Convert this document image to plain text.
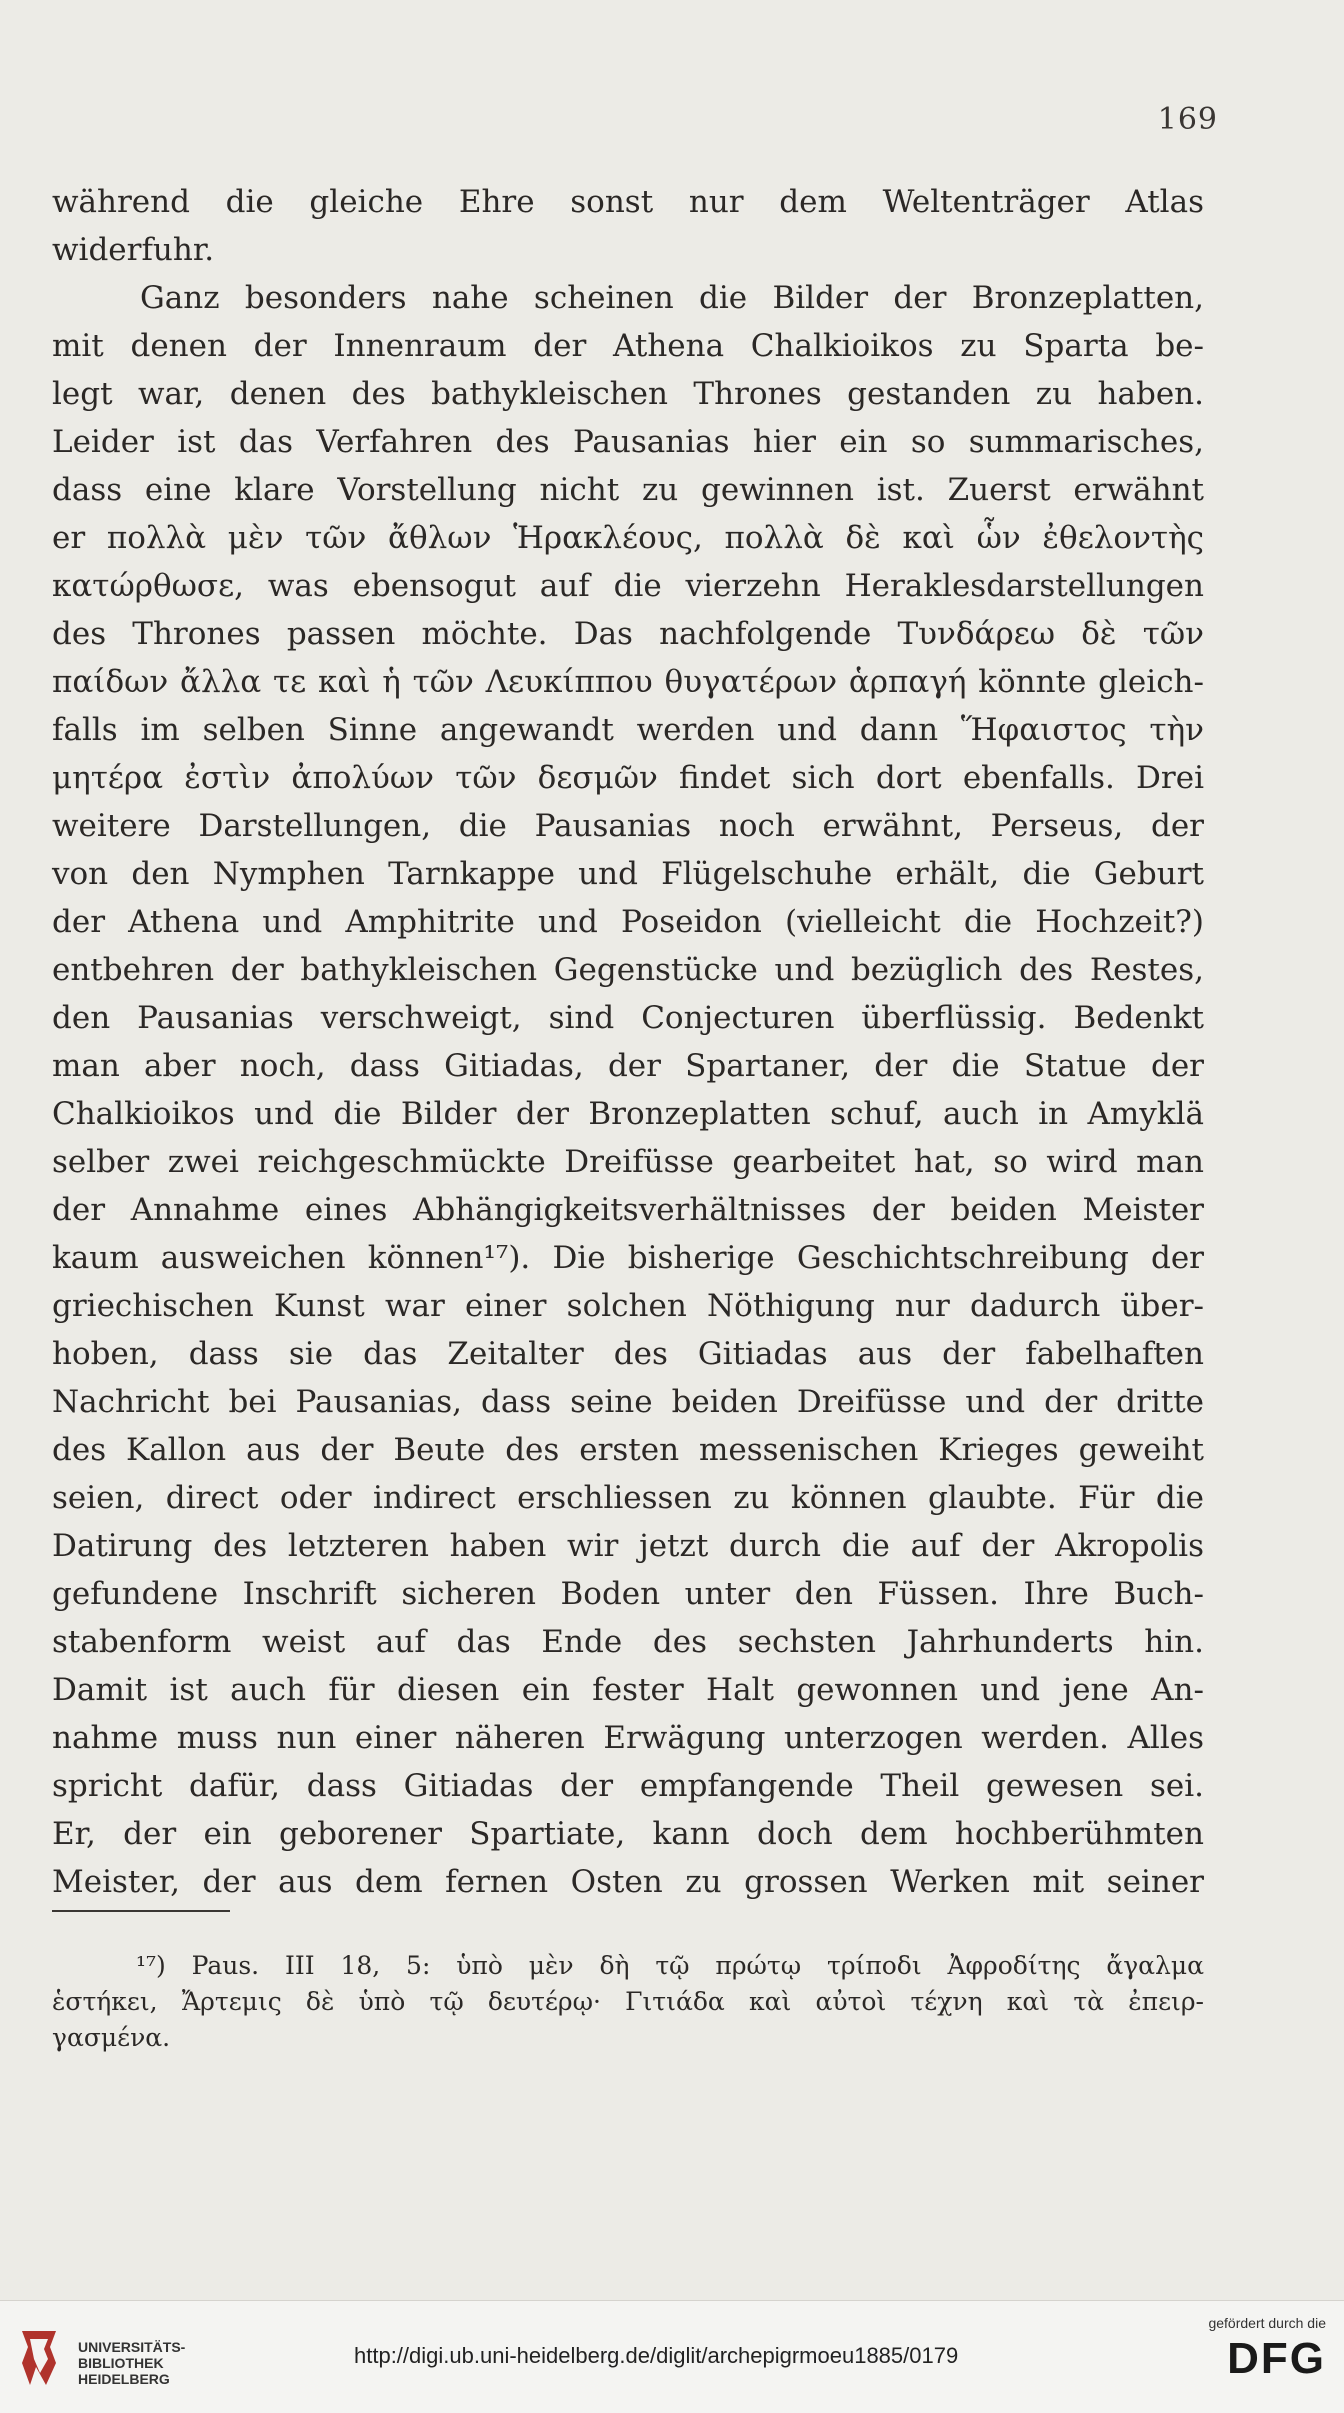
169
während die gleiche Ehre sonst nur dem Weltenträger Atlas
widerfuhr.
Ganz besonders nahe scheinen die Bilder der Bronzeplatten,
mit denen der Innenraum der Athena Chalkioikos zu Sparta be-
legt war, denen des bathykleischen Thrones gestanden zu haben.
Leider ist das Verfahren des Pausanias hier ein so summarisches,
dass eine klare Vorstellung nicht zu gewinnen ist. Zuerst erwähnt
er πολλὰ μὲν τῶν ἄθλων Ἡρακλέους, πολλὰ δὲ καὶ ὧν ἐθελοντὴς
κατώρθωσε, was ebensogut auf die vierzehn Heraklesdarstellungen
des Thrones passen möchte. Das nachfolgende Τυνδάρεω δὲ τῶν
παίδων ἄλλα τε καὶ ἡ τῶν Λευκίππου θυγατέρων ἁρπαγή könnte gleich-
falls im selben Sinne angewandt werden und dann Ἥφαιστος τὴν
μητέρα ἐστὶν ἀπολύων τῶν δεσμῶν findet sich dort ebenfalls. Drei
weitere Darstellungen, die Pausanias noch erwähnt, Perseus, der
von den Nymphen Tarnkappe und Flügelschuhe erhält, die Geburt
der Athena und Amphitrite und Poseidon (vielleicht die Hochzeit?)
entbehren der bathykleischen Gegenstücke und bezüglich des Restes,
den Pausanias verschweigt, sind Conjecturen überflüssig. Bedenkt
man aber noch, dass Gitiadas, der Spartaner, der die Statue der
Chalkioikos und die Bilder der Bronzeplatten schuf, auch in Amyklä
selber zwei reichgeschmückte Dreifüsse gearbeitet hat, so wird man
der Annahme eines Abhängigkeitsverhältnisses der beiden Meister
kaum ausweichen können¹⁷). Die bisherige Geschichtschreibung der
griechischen Kunst war einer solchen Nöthigung nur dadurch über-
hoben, dass sie das Zeitalter des Gitiadas aus der fabelhaften
Nachricht bei Pausanias, dass seine beiden Dreifüsse und der dritte
des Kallon aus der Beute des ersten messenischen Krieges geweiht
seien, direct oder indirect erschliessen zu können glaubte. Für die
Datirung des letzteren haben wir jetzt durch die auf der Akropolis
gefundene Inschrift sicheren Boden unter den Füssen. Ihre Buch-
stabenform weist auf das Ende des sechsten Jahrhunderts hin.
Damit ist auch für diesen ein fester Halt gewonnen und jene An-
nahme muss nun einer näheren Erwägung unterzogen werden. Alles
spricht dafür, dass Gitiadas der empfangende Theil gewesen sei.
Er, der ein geborener Spartiate, kann doch dem hochberühmten
Meister, der aus dem fernen Osten zu grossen Werken mit seiner
¹⁷) Paus. III 18, 5: ὑπὸ μὲν δὴ τῷ πρώτῳ τρίποδι Ἀφροδίτης ἄγαλμα
ἑστήκει, Ἄρτεμις δὲ ὑπὸ τῷ δευτέρῳ· Γιτιάδα καὶ αὐτοὶ τέχνη καὶ τὰ ἐπειρ-
γασμένα.
UNIVERSITÄTS-
BIBLIOTHEK
HEIDELBERG
http://digi.ub.uni-heidelberg.de/diglit/archepigrmoeu1885/0179
gefördert durch die
DFG
